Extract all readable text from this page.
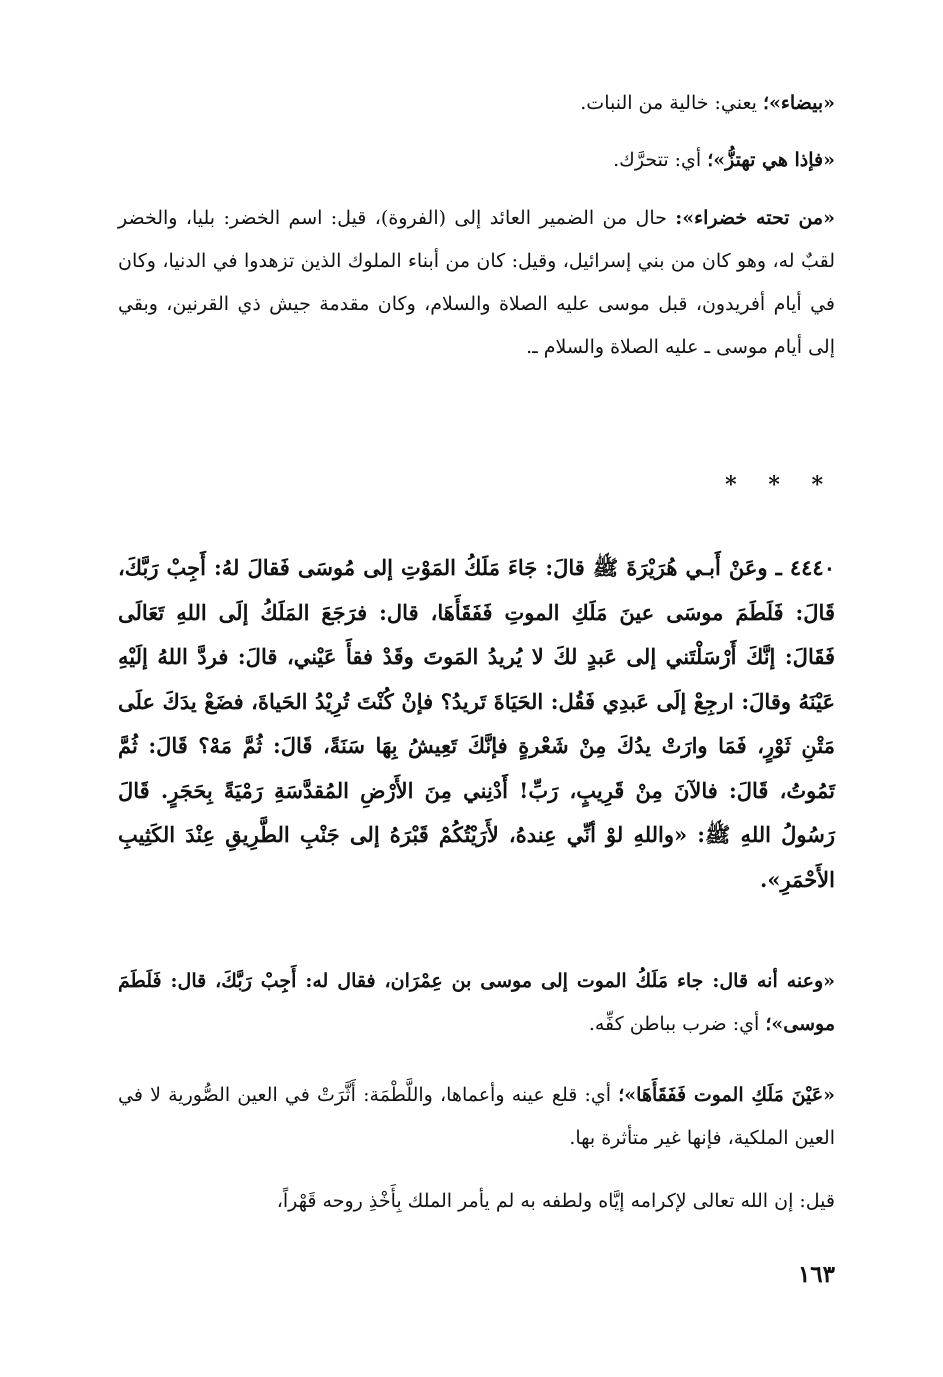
«بيضاء»؛ يعني: خالية من النبات.

«فإذا هي تهتزُّ»؛ أي: تتحرَّك.

«من تحته خضراء»: حال من الضمير العائد إلى (الفروة)، قيل: اسم الخضر: بليا، والخضر لقبٌ له، وهو كان من بني إسرائيل، وقيل: كان من أبناء الملوك الذين تزهدوا في الدنيا، وكان في أيام أفريدون، قبل موسى عليه الصلاة والسلام، وكان مقدمة جيش ذي القرنين، وبقي إلى أيام موسى ـ عليه الصلاة والسلام ـ.

* * *

٤٤٤٠ ـ وعَنْ أَبـي هُرَيْرَةَ ﷺ قالَ: جَاءَ مَلَكُ المَوْتِ إلى مُوسَى فَقالَ لهُ: أَجِبْ رَبَّكَ، قَالَ: فَلَطَمَ موسَى عينَ مَلَكِ الموتِ فَفَقَأَهَا، قال: فرَجَعَ المَلَكُ إلَى اللهِ تَعَالَى فَقَالَ: إنَّكَ أَرْسَلْتَني إلى عَبدٍ لكَ لا يُريدُ المَوتَ وقَدْ فقأَ عَيْني، قالَ: فردَّ اللهُ إلَيْهِ عَيْنَهُ وقالَ: ارجِعْ إلَى عَبدِي فَقُل: الحَيَاةَ تَريدُ؟ فإنْ كُنْتَ تُرِيْدُ الحَياةَ، فضَعْ يدَكَ علَى مَتْنِ ثَوْرٍ، فَمَا وارَتْ يدُكَ مِنْ شَعْرةٍ فإنَّكَ تَعِيشُ بِهَا سَنَةً، قَالَ: ثُمَّ مَهْ؟ قَالَ: ثُمَّ تَمُوتُ، قَالَ: فالآنَ مِنْ قَرِيبٍ، رَبِّ! أَدْنِني مِنَ الأَرْضِ المُقدَّسَةِ رَمْيَةً بِحَجَرٍ. قَالَ رَسُولُ اللهِ ﷺ: «واللهِ لوْ أنِّي عِندهُ، لأَرَيْتُكُمْ قَبْرَهُ إلى جَنْبِ الطَّرِيقِ عِنْدَ الكَثِيبِ الأَحْمَرِ».

«وعنه أنه قال: جاء مَلَكُ الموت إلى موسى بن عِمْرَان، فقال له: أَجِبْ رَبَّكَ، قال: فَلَطَمَ موسى»؛ أي: ضرب بباطن كفِّه.

«عَيْنَ مَلَكِ الموت فَفَقَأَهَا»؛ أي: قلع عينه وأعماها، واللَّطْمَة: أَثَّرَتْ في العين الصُّورية لا في العين الملكية، فإنها غير متأثرة بها.

قيل: إن الله تعالى لإكرامه إيَّاه ولطفه به لم يأمر الملك بِأَخْذِ روحه قَهْراً،

١٦٣
